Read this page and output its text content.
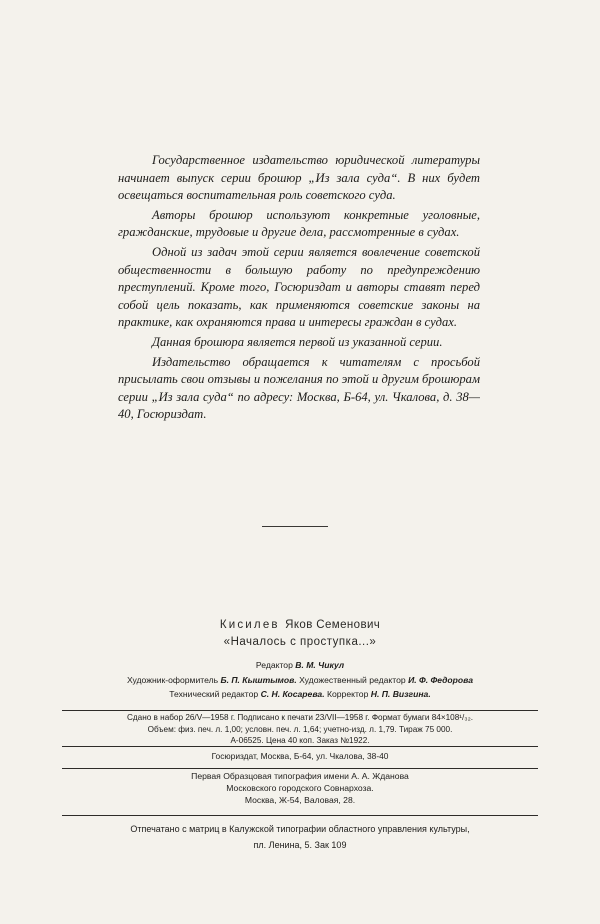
Государственное издательство юридической литературы начинает выпуск серии брошюр „Из зала суда“. В них будет освещаться воспитательная роль советского суда.

Авторы брошюр используют конкретные уголовные, гражданские, трудовые и другие дела, рассмотренные в судах.

Одной из задач этой серии является вовлечение советской общественности в большую работу по предупреждению преступлений. Кроме того, Госюриздат и авторы ставят перед собой цель показать, как применяются советские законы на практике, как охраняются права и интересы граждан в судах.

Данная брошюра является первой из указанной серии.

Издательство обращается к читателям с просьбой присылать свои отзывы и пожелания по этой и другим брошюрам серии „Из зала суда“ по адресу: Москва, Б-64, ул. Чкалова, д. 38—40, Госюриздат.

Кисилев Яков Семенович
«Началось с проступка...»
Редактор В. М. Чикул
Художник-оформитель Б. П. Кыштымов. Художественный редактор И. Ф. Федорова
Технический редактор С. Н. Косарева. Корректор Н. П. Визгина.
Сдано в набор 26/V—1958 г. Подписано к печати 23/VII—1958 г. Формат бумаги 84×108¹/₃₂.
Объем: физ. печ. л. 1,00; условн. печ. л. 1,64; учетно-изд. л. 1,79. Тираж 75 000.
А-06525. Цена 40 коп. Заказ №1922.
Госюриздат, Москва, Б-64, ул. Чкалова, 38-40
Первая Образцовая типография имени А. А. Жданова
Московского городского Совнархоза.
Москва, Ж-54, Валовая, 28.
Отпечатано с матриц в Калужской типографии областного управления культуры,
пл. Ленина, 5. Зак 109
